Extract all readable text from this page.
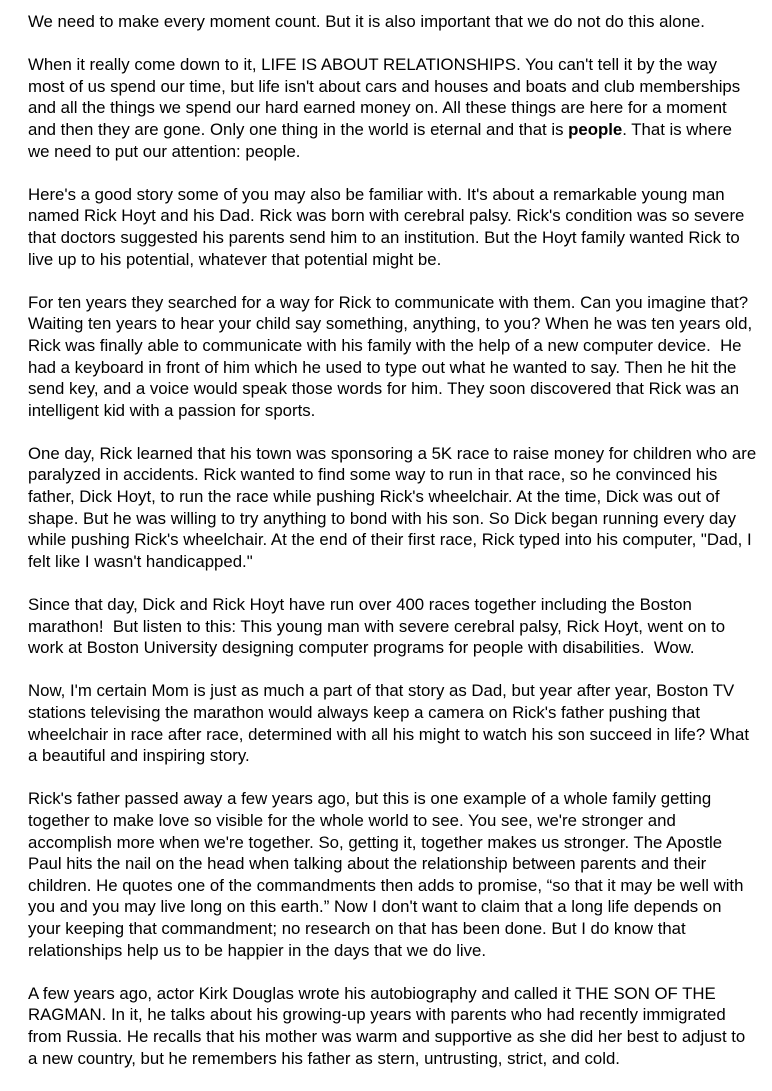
We need to make every moment count. But it is also important that we do not do this alone.

When it really come down to it, LIFE IS ABOUT RELATIONSHIPS. You can't tell it by the way most of us spend our time, but life isn't about cars and houses and boats and club memberships and all the things we spend our hard earned money on. All these things are here for a moment and then they are gone. Only one thing in the world is eternal and that is people. That is where we need to put our attention: people.

Here's a good story some of you may also be familiar with. It's about a remarkable young man named Rick Hoyt and his Dad. Rick was born with cerebral palsy. Rick's condition was so severe that doctors suggested his parents send him to an institution. But the Hoyt family wanted Rick to live up to his potential, whatever that potential might be.

For ten years they searched for a way for Rick to communicate with them. Can you imagine that? Waiting ten years to hear your child say something, anything, to you? When he was ten years old, Rick was finally able to communicate with his family with the help of a new computer device.  He had a keyboard in front of him which he used to type out what he wanted to say. Then he hit the send key, and a voice would speak those words for him. They soon discovered that Rick was an intelligent kid with a passion for sports.

One day, Rick learned that his town was sponsoring a 5K race to raise money for children who are paralyzed in accidents. Rick wanted to find some way to run in that race, so he convinced his father, Dick Hoyt, to run the race while pushing Rick's wheelchair. At the time, Dick was out of shape. But he was willing to try anything to bond with his son. So Dick began running every day while pushing Rick's wheelchair. At the end of their first race, Rick typed into his computer, "Dad, I felt like I wasn't handicapped."

Since that day, Dick and Rick Hoyt have run over 400 races together including the Boston marathon!  But listen to this: This young man with severe cerebral palsy, Rick Hoyt, went on to work at Boston University designing computer programs for people with disabilities.  Wow.

Now, I'm certain Mom is just as much a part of that story as Dad, but year after year, Boston TV stations televising the marathon would always keep a camera on Rick's father pushing that wheelchair in race after race, determined with all his might to watch his son succeed in life? What a beautiful and inspiring story.

Rick's father passed away a few years ago, but this is one example of a whole family getting together to make love so visible for the whole world to see. You see, we're stronger and accomplish more when we're together. So, getting it, together makes us stronger. The Apostle Paul hits the nail on the head when talking about the relationship between parents and their children. He quotes one of the commandments then adds to promise, “so that it may be well with you and you may live long on this earth.” Now I don't want to claim that a long life depends on your keeping that commandment; no research on that has been done. But I do know that relationships help us to be happier in the days that we do live.

A few years ago, actor Kirk Douglas wrote his autobiography and called it THE SON OF THE RAGMAN. In it, he talks about his growing-up years with parents who had recently immigrated from Russia. He recalls that his mother was warm and supportive as she did her best to adjust to a new country, but he remembers his father as stern, untrusting, strict, and cold.
